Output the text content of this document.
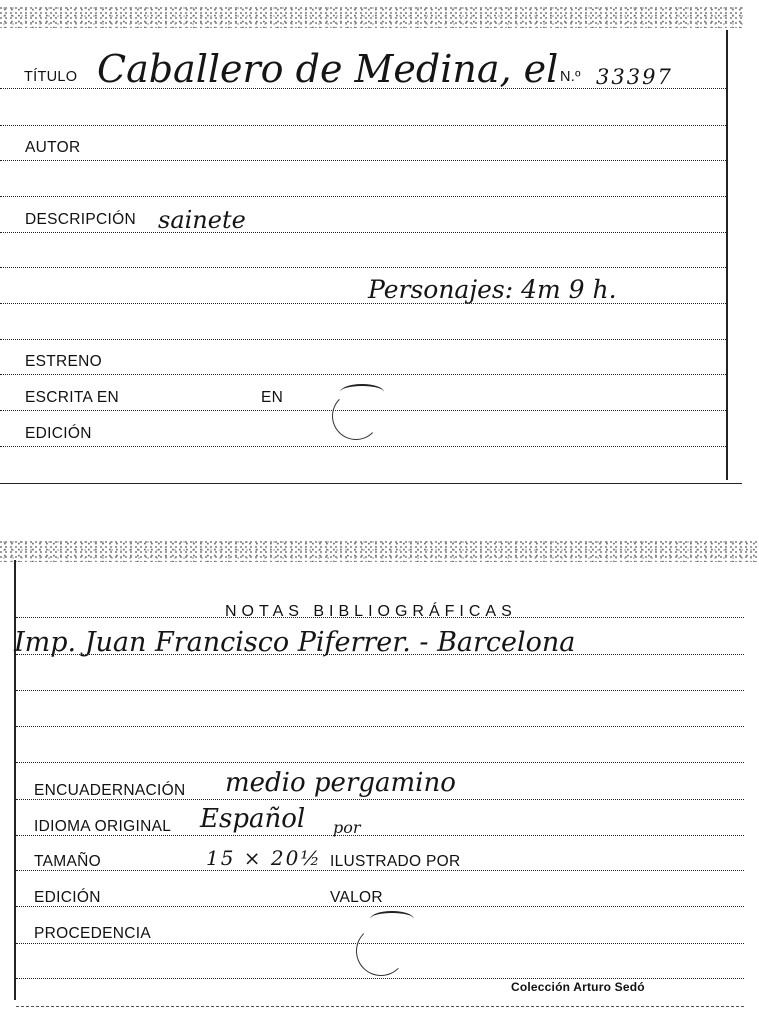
TÍTULO Caballero de Medina, el N.º 33397
AUTOR
DESCRIPCIÓN sainete
Personajes: 4m 9 h.
ESTRENO
ESCRITA EN	EN
EDICIÓN
NOTAS BIBLIOGRÁFICAS
Imp. Juan Francisco Piferrer. - Barcelona
ENCUADERNACIÓN medio pergamino
IDIOMA ORIGINAL Español por
TAMAÑO	15 × 20½ ILUSTRADO POR
EDICIÓN	VALOR
PROCEDENCIA
Colección Arturo Sedó
